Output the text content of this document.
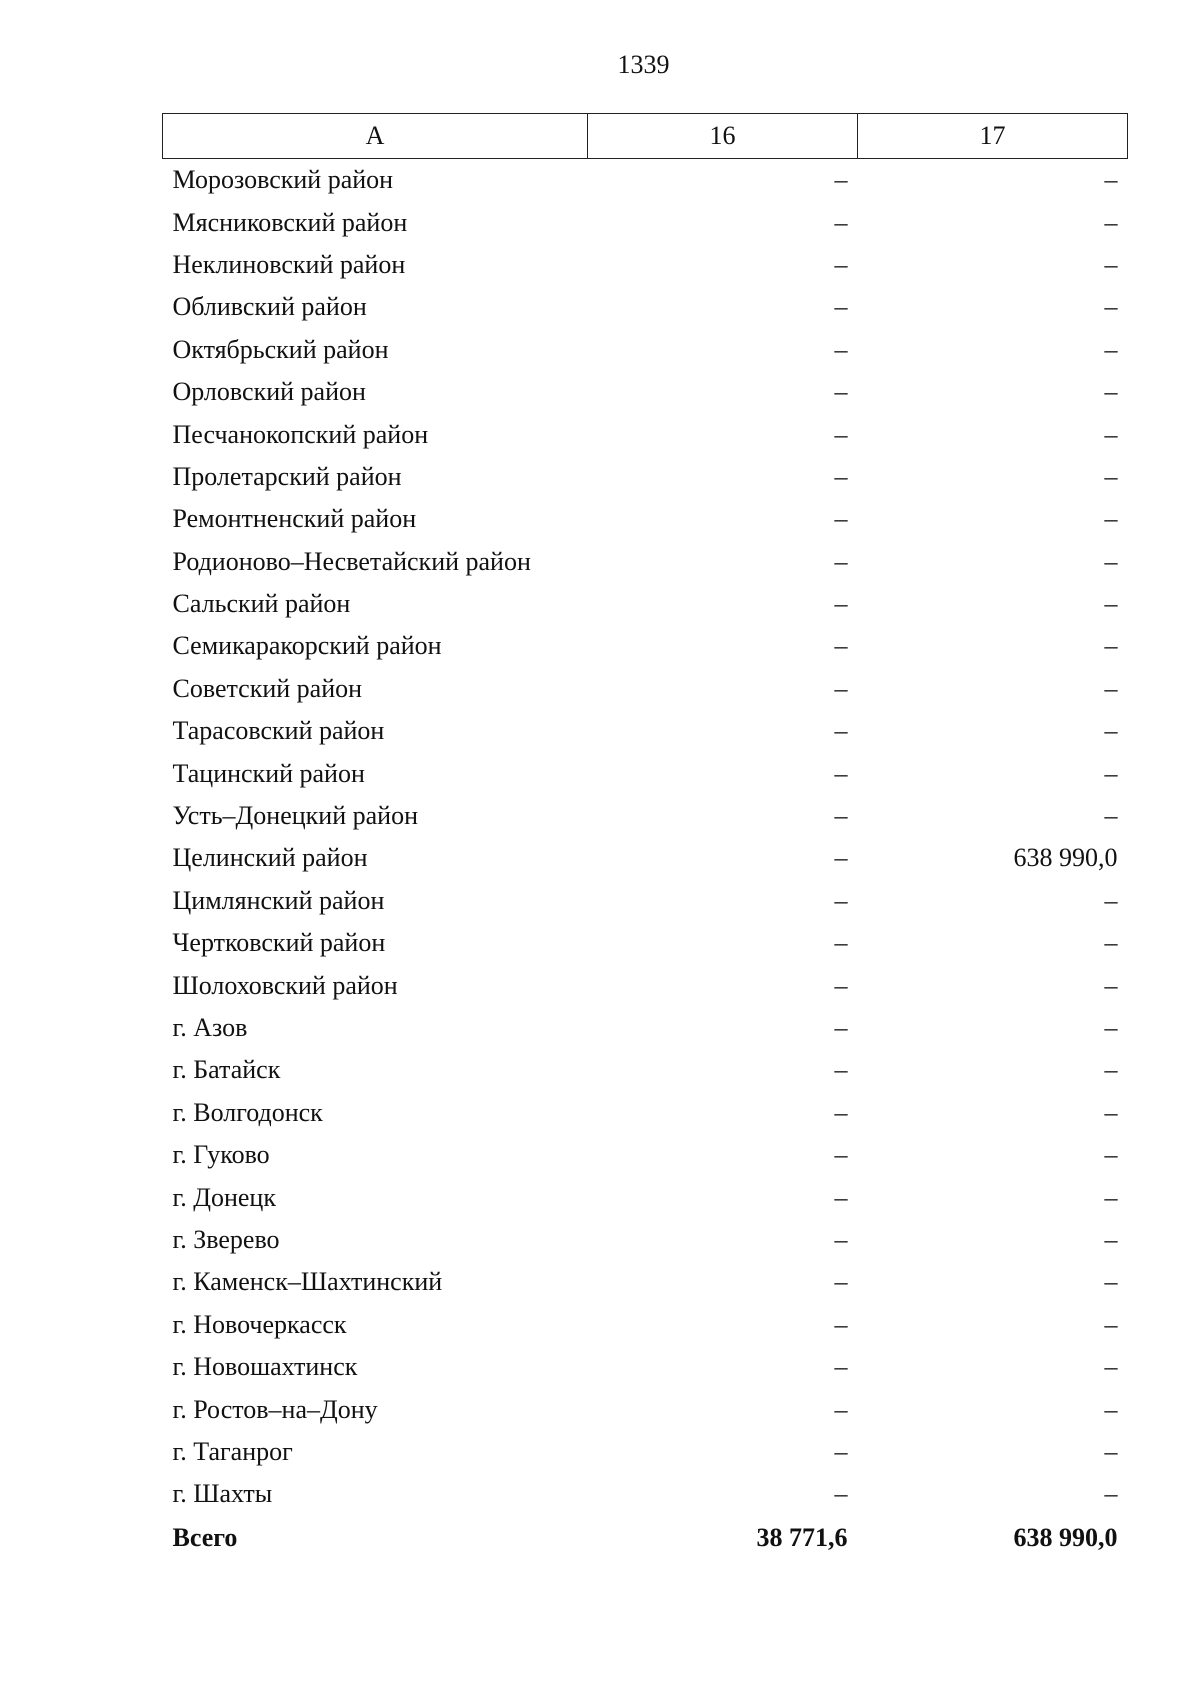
1339
А	16	17
Морозовский район	–	–
Мясниковский район	–	–
Неклиновский район	–	–
Обливский район	–	–
Октябрьский район	–	–
Орловский район	–	–
Песчанокопский район	–	–
Пролетарский район	–	–
Ремонтненский район	–	–
Родионово–Несветайский район	–	–
Сальский район	–	–
Семикаракорский район	–	–
Советский район	–	–
Тарасовский район	–	–
Тацинский район	–	–
Усть–Донецкий район	–	–
Целинский район	–	638 990,0
Цимлянский район	–	–
Чертковский район	–	–
Шолоховский район	–	–
г. Азов	–	–
г. Батайск	–	–
г. Волгодонск	–	–
г. Гуково	–	–
г. Донецк	–	–
г. Зверево	–	–
г. Каменск–Шахтинский	–	–
г. Новочеркасск	–	–
г. Новошахтинск	–	–
г. Ростов–на–Дону	–	–
г. Таганрог	–	–
г. Шахты	–	–
Всего	38 771,6	638 990,0
